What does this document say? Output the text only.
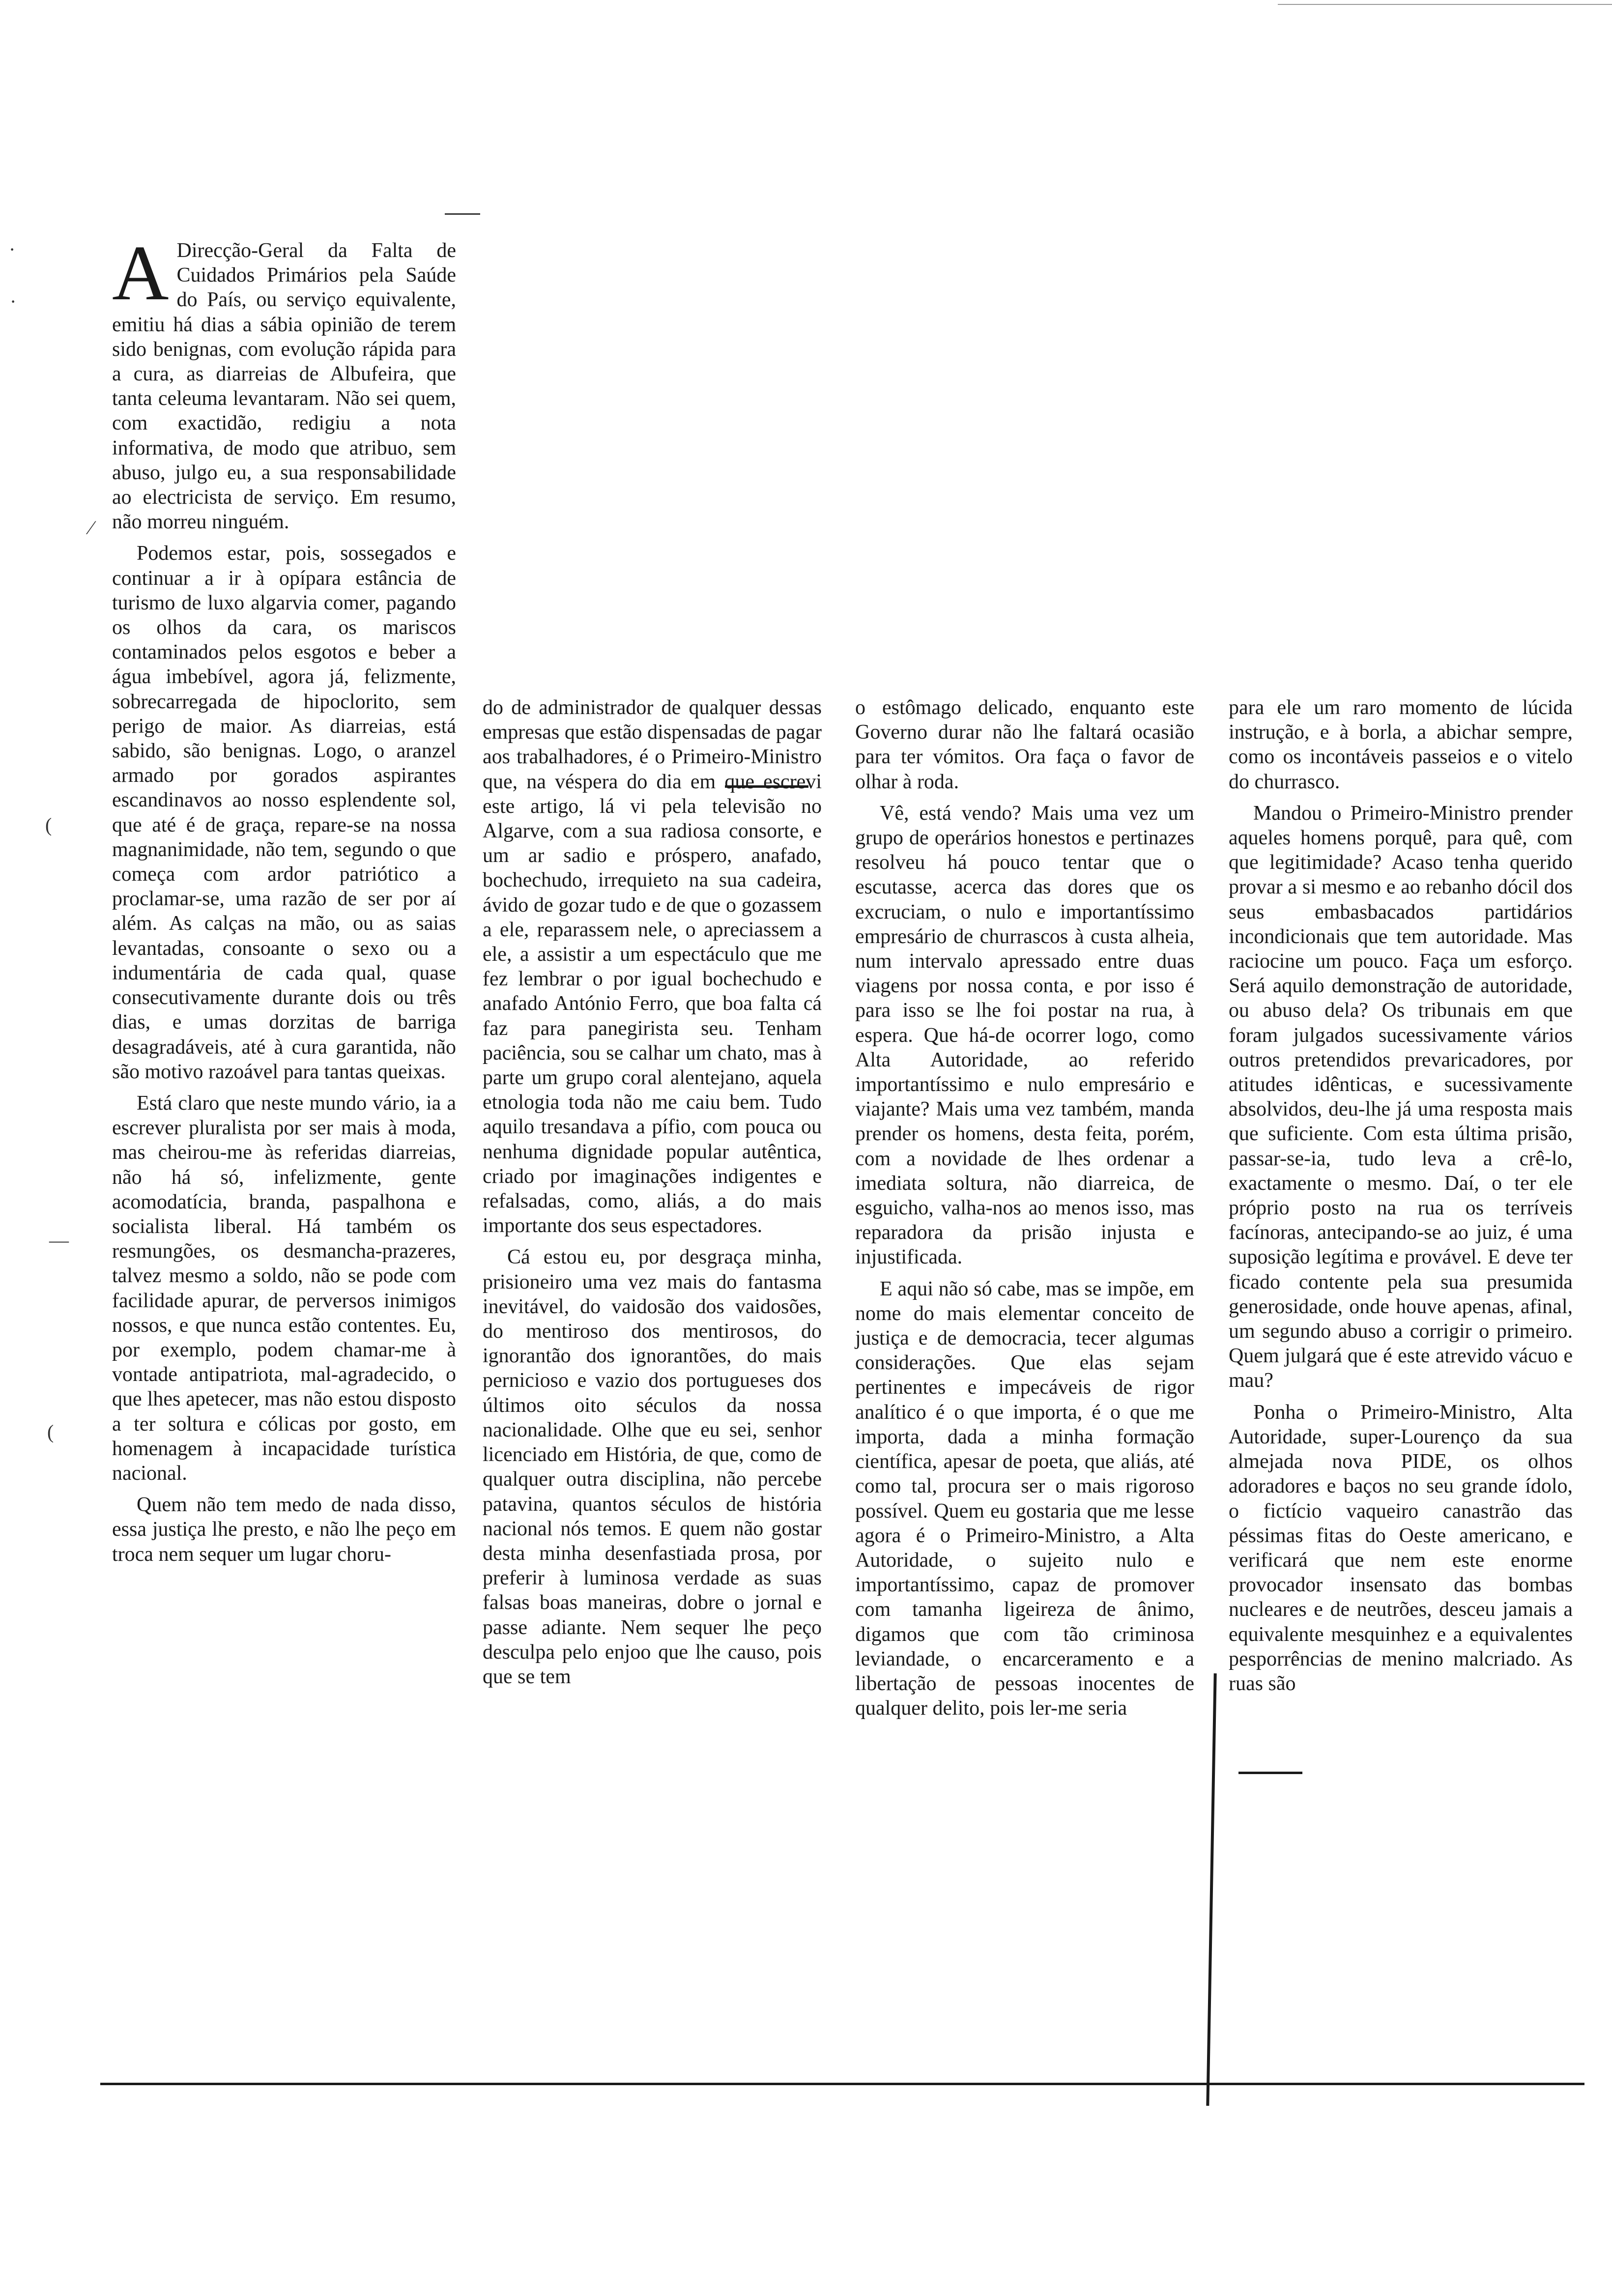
·
·
⁄
(
—
(

A Direcção-Geral da Falta de Cuidados Primários pela Saúde do País, ou serviço equivalente, emitiu há dias a sábia opinião de terem sido benignas, com evolução rápida para a cura, as diarreias de Albufeira, que tanta celeuma levantaram. Não sei quem, com exactidão, redigiu a nota informativa, de modo que atribuo, sem abuso, julgo eu, a sua responsabilidade ao electricista de serviço. Em resumo, não morreu ninguém.

Podemos estar, pois, sossegados e continuar a ir à opípara estância de turismo de luxo algarvia comer, pagando os olhos da cara, os mariscos contaminados pelos esgotos e beber a água imbebível, agora já, felizmente, sobrecarregada de hipoclorito, sem perigo de maior. As diarreias, está sabido, são benignas. Logo, o aranzel armado por gorados aspirantes escandinavos ao nosso esplendente sol, que até é de graça, repare-se na nossa magnanimidade, não tem, segundo o que começa com ardor patriótico a proclamar-se, uma razão de ser por aí além. As calças na mão, ou as saias levantadas, consoante o sexo ou a indumentária de cada qual, quase consecutivamente durante dois ou três dias, e umas dorzitas de barriga desagradáveis, até à cura garantida, não são motivo razoável para tantas queixas.

Está claro que neste mundo vário, ia a escrever pluralista por ser mais à moda, mas cheirou-me às referidas diarreias, não há só, infelizmente, gente acomodatícia, branda, paspalhona e socialista liberal. Há também os resmungões, os desmancha-prazeres, talvez mesmo a soldo, não se pode com facilidade apurar, de perversos inimigos nossos, e que nunca estão contentes. Eu, por exemplo, podem chamar-me à vontade antipatriota, mal-agradecido, o que lhes apetecer, mas não estou disposto a ter soltura e cólicas por gosto, em homenagem à incapacidade turística nacional.

Quem não tem medo de nada disso, essa justiça lhe presto, e não lhe peço em troca nem sequer um lugar choru-

do de administrador de qualquer dessas empresas que estão dispensadas de pagar aos trabalhadores, é o Primeiro-Ministro que, na véspera do dia em que escrevi este artigo, lá vi pela televisão no Algarve, com a sua radiosa consorte, e um ar sadio e próspero, anafado, bochechudo, irrequieto na sua cadeira, ávido de gozar tudo e de que o gozassem a ele, reparassem nele, o apreciassem a ele, a assistir a um espectáculo que me fez lembrar o por igual bochechudo e anafado António Ferro, que boa falta cá faz para panegirista seu. Tenham paciência, sou se calhar um chato, mas à parte um grupo coral alentejano, aquela etnologia toda não me caiu bem. Tudo aquilo tresandava a pífio, com pouca ou nenhuma dignidade popular autêntica, criado por imaginações indigentes e refalsadas, como, aliás, a do mais importante dos seus espectadores.

Cá estou eu, por desgraça minha, prisioneiro uma vez mais do fantasma inevitável, do vaidosão dos vaidosões, do mentiroso dos mentirosos, do ignorantão dos ignorantões, do mais pernicioso e vazio dos portugueses dos últimos oito séculos da nossa nacionalidade. Olhe que eu sei, senhor licenciado em História, de que, como de qualquer outra disciplina, não percebe patavina, quantos séculos de história nacional nós temos. E quem não gostar desta minha desenfastiada prosa, por preferir à luminosa verdade as suas falsas boas maneiras, dobre o jornal e passe adiante. Nem sequer lhe peço desculpa pelo enjoo que lhe causo, pois que se tem

o estômago delicado, enquanto este Governo durar não lhe faltará ocasião para ter vómitos. Ora faça o favor de olhar à roda.

Vê, está vendo? Mais uma vez um grupo de operários honestos e pertinazes resolveu há pouco tentar que o escutasse, acerca das dores que os excruciam, o nulo e importantíssimo empresário de churrascos à custa alheia, num intervalo apressado entre duas viagens por nossa conta, e por isso é para isso se lhe foi postar na rua, à espera. Que há-de ocorrer logo, como Alta Autoridade, ao referido importantíssimo e nulo empresário e viajante? Mais uma vez também, manda prender os homens, desta feita, porém, com a novidade de lhes ordenar a imediata soltura, não diarreica, de esguicho, valha-nos ao menos isso, mas reparadora da prisão injusta e injustificada.

E aqui não só cabe, mas se impõe, em nome do mais elementar conceito de justiça e de democracia, tecer algumas considerações. Que elas sejam pertinentes e impecáveis de rigor analítico é o que importa, é o que me importa, dada a minha formação científica, apesar de poeta, que aliás, até como tal, procura ser o mais rigoroso possível. Quem eu gostaria que me lesse agora é o Primeiro-Ministro, a Alta Autoridade, o sujeito nulo e importantíssimo, capaz de promover com tamanha ligeireza de ânimo, digamos que com tão criminosa leviandade, o encarceramento e a libertação de pessoas inocentes de qualquer delito, pois ler-me seria

para ele um raro momento de lúcida instrução, e à borla, a abichar sempre, como os incontáveis passeios e o vitelo do churrasco.

Mandou o Primeiro-Ministro prender aqueles homens porquê, para quê, com que legitimidade? Acaso tenha querido provar a si mesmo e ao rebanho dócil dos seus embasbacados partidários incondicionais que tem autoridade. Mas raciocine um pouco. Faça um esforço. Será aquilo demonstração de autoridade, ou abuso dela? Os tribunais em que foram julgados sucessivamente vários outros pretendidos prevaricadores, por atitudes idênticas, e sucessivamente absolvidos, deu-lhe já uma resposta mais que suficiente. Com esta última prisão, passar-se-ia, tudo leva a crê-lo, exactamente o mesmo. Daí, o ter ele próprio posto na rua os terríveis facínoras, antecipando-se ao juiz, é uma suposição legítima e provável. E deve ter ficado contente pela sua presumida generosidade, onde houve apenas, afinal, um segundo abuso a corrigir o primeiro. Quem julgará que é este atrevido vácuo e mau?

Ponha o Primeiro-Ministro, Alta Autoridade, super-Lourenço da sua almejada nova PIDE, os olhos adoradores e baços no seu grande ídolo, o fictício vaqueiro canastrão das péssimas fitas do Oeste americano, e verificará que nem este enorme provocador insensato das bombas nucleares e de neutrões, desceu jamais a equivalente mesquinhez e a equivalentes pesporrências de menino malcriado. As ruas são
